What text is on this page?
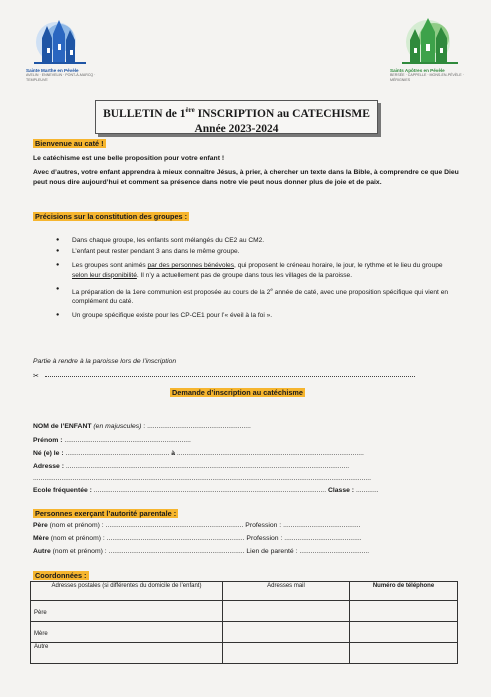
Sainte Marthe en Pévèle
AVELIN · ENNEVELIN · PONT-À-MARCQ · TEMPLEUVE
Saints Apôtres en Pévèle
BERSÉE · CAPPELLE · MONS-EN-PÉVÈLE · MÉRIGNIES
BULLETIN de 1ère INSCRIPTION au CATECHISME
Année 2023-2024
Bienvenue au caté !
Le catéchisme est une belle proposition pour votre enfant !
Avec d’autres, votre enfant apprendra à mieux connaître Jésus, à prier, à chercher un texte dans la Bible, à comprendre ce que Dieu peut nous dire aujourd’hui et comment sa présence dans notre vie peut nous donner plus de joie et de paix.
Précisions sur la constitution des groupes :
● Dans chaque groupe, les enfants sont mélangés du CE2 au CM2.
● L’enfant peut rester pendant 3 ans dans le même groupe.
● Les groupes sont animés par des personnes bénévoles, qui proposent le créneau horaire, le jour, le rythme et le lieu du groupe selon leur disponibilité. Il n’y a actuellement pas de groupe dans tous les villages de la paroisse.
● La préparation de la 1ere communion est proposée au cours de la 2e année de caté, avec une proposition spécifique qui vient en complément du caté.
● Un groupe spécifique existe pour les CP-CE1 pour l’« éveil à la foi ».
Partie à rendre à la paroisse lors de l’inscription
✂
Demande d’inscription au catéchisme
NOM de l’ENFANT (en majuscules) : .......................................................
Prénom : ...................................................................
Né (e) le : ....................................................... à ...................................................................................................
Adresse : ......................................................................................................................................................
...................................................................................................................................................................................
Ecole fréquentée : ........................................................................................................................... Classe : ............
Personnes exerçant l’autorité parentale :
Père (nom et prénom) : ......................................................................... Profession : .........................................
Mère (nom et prénom) : ......................................................................... Profession : .........................................
Autre (nom et prénom) : ........................................................................ Lien de parenté : .....................................
Coordonnées :
Adresses postales (si différentes du domicile de l’enfant)	Adresses mail	Numéro de téléphone

Père		

Mère		

Autre		
